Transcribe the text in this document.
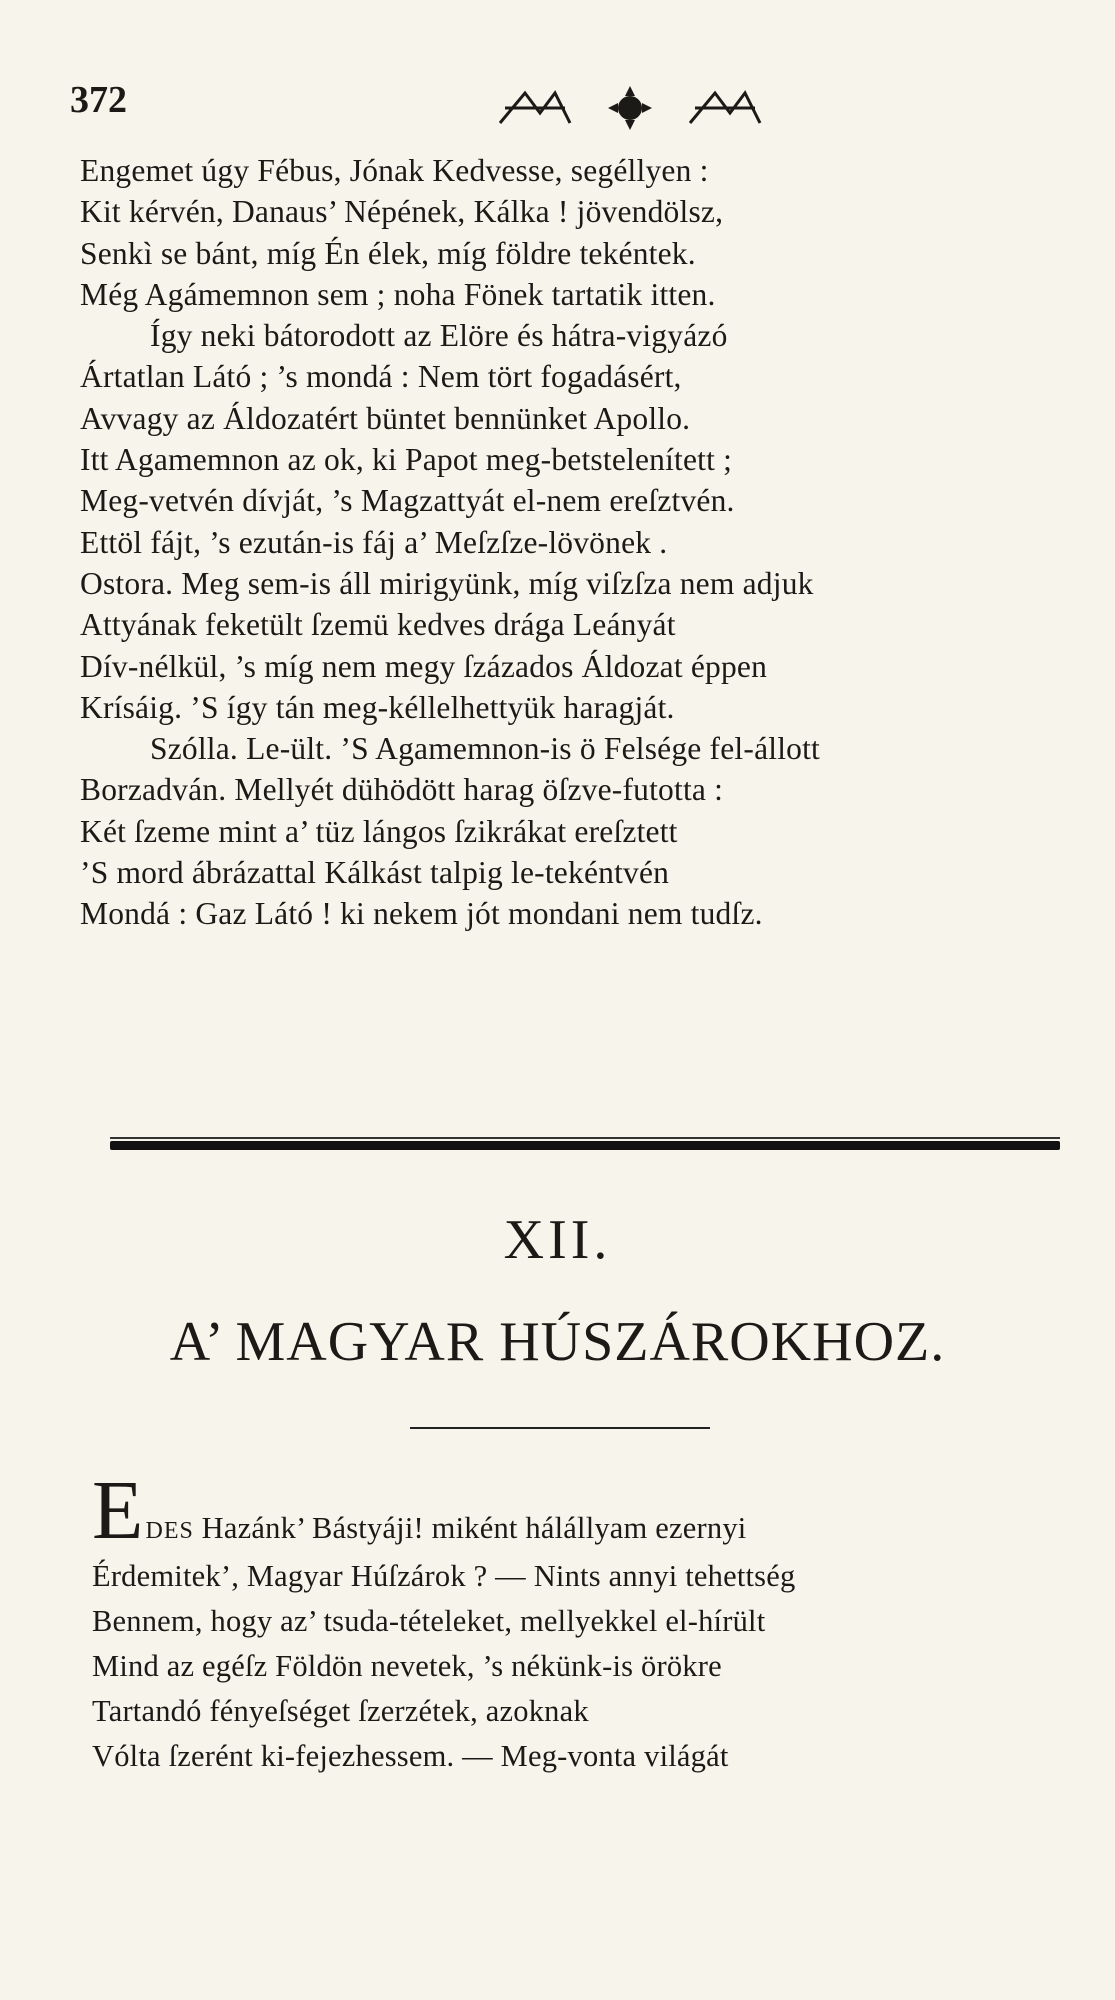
372
Engemet úgy Fébus, Jónak Kedvesse, segéllyen :
Kit kérvén, Danaus’ Népének, Kálka ! jövendölsz,
Senkì se bánt, míg Én élek, míg földre tekéntek.
Még Agámemnon sem ; noha Fönek tartatik itten.
Így neki bátorodott az Elöre és hátra-vigyázó
Ártatlan Látó ; ’s mondá : Nem tört fogadásért,
Avvagy az Áldozatért büntet bennünket Apollo.
Itt Agamemnon az ok, ki Papot meg-betstelenített ;
Meg-vetvén dívját, ’s Magzattyát el-nem ereſztvén.
Ettöl fájt, ’s ezután-is fáj a’ Meſzſze-lövönek .
Ostora. Meg sem-is áll mirigyünk, míg viſzſza nem adjuk
Attyának feketült ſzemü kedves drága Leányát
Dív-nélkül, ’s míg nem megy ſzázados Áldozat éppen
Krísáig. ’S így tán meg-kéllelhettyük haragját.
Szólla. Le-ült. ’S Agamemnon-is ö Felsége fel-állott
Borzadván. Mellyét dühödött harag öſzve-futotta :
Két ſzeme mint a’ tüz lángos ſzikrákat ereſztett
’S mord ábrázattal Kálkást talpig le-tekéntvén
Mondá : Gaz Látó ! ki nekem jót mondani nem tudſz.
XII.
A’ MAGYAR HÚSZÁROKHOZ.
EDES Hazánk’ Bástyáji! miként hálállyam ezernyi
Érdemitek’, Magyar Húſzárok ? — Nints annyi tehettség
Bennem, hogy az’ tsuda-tételeket, mellyekkel el-hírült
Mind az egéſz Földön nevetek, ’s nékünk-is örökre
Tartandó fényeſséget ſzerzétek, azoknak
Vólta ſzerént ki-fejezhessem. — Meg-vonta világát
